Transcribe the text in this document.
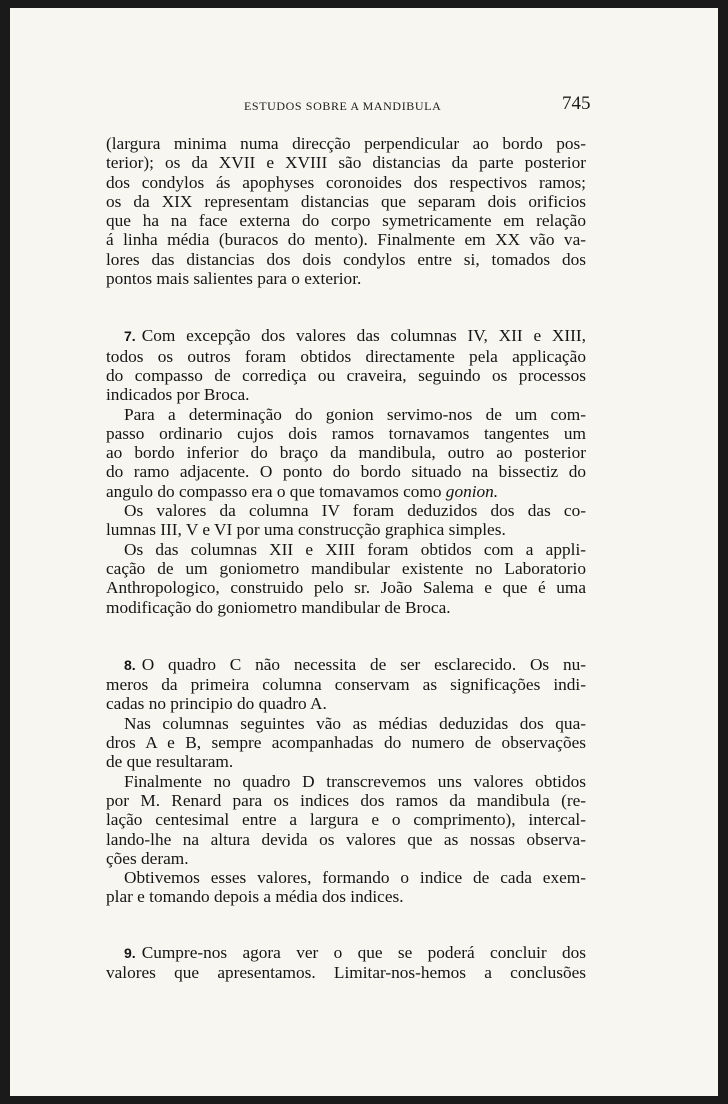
ESTUDOS SOBRE A MANDIBULA	745
(largura minima numa direcção perpendicular ao bordo pos-
terior); os da XVII e XVIII são distancias da parte posterior
dos condylos ás apophyses coronoides dos respectivos ramos;
os da XIX representam distancias que separam dois orificios
que ha na face externa do corpo symetricamente em relação
á linha média (buracos do mento). Finalmente em XX vão va-
lores das distancias dos dois condylos entre si, tomados dos
pontos mais salientes para o exterior.
7. Com excepção dos valores das columnas IV, XII e XIII,
todos os outros foram obtidos directamente pela applicação
do compasso de corrediça ou craveira, seguindo os processos
indicados por Broca.
Para a determinação do gonion servimo-nos de um com-
passo ordinario cujos dois ramos tornavamos tangentes um
ao bordo inferior do braço da mandibula, outro ao posterior
do ramo adjacente. O ponto do bordo situado na bissectiz do
angulo do compasso era o que tomavamos como gonion.
Os valores da columna IV foram deduzidos dos das co-
lumnas III, V e VI por uma construcção graphica simples.
Os das columnas XII e XIII foram obtidos com a appli-
cação de um goniometro mandibular existente no Laboratorio
Anthropologico, construido pelo sr. João Salema e que é uma
modificação do goniometro mandibular de Broca.
8. O quadro C não necessita de ser esclarecido. Os nu-
meros da primeira columna conservam as significações indi-
cadas no principio do quadro A.
Nas columnas seguintes vão as médias deduzidas dos qua-
dros A e B, sempre acompanhadas do numero de observações
de que resultaram.
Finalmente no quadro D transcrevemos uns valores obtidos
por M. Renard para os indices dos ramos da mandibula (re-
lação centesimal entre a largura e o comprimento), intercal-
lando-lhe na altura devida os valores que as nossas observa-
ções deram.
Obtivemos esses valores, formando o indice de cada exem-
plar e tomando depois a média dos indices.
9. Cumpre-nos agora ver o que se poderá concluir dos
valores que apresentamos. Limitar-nos-hemos a conclusões
